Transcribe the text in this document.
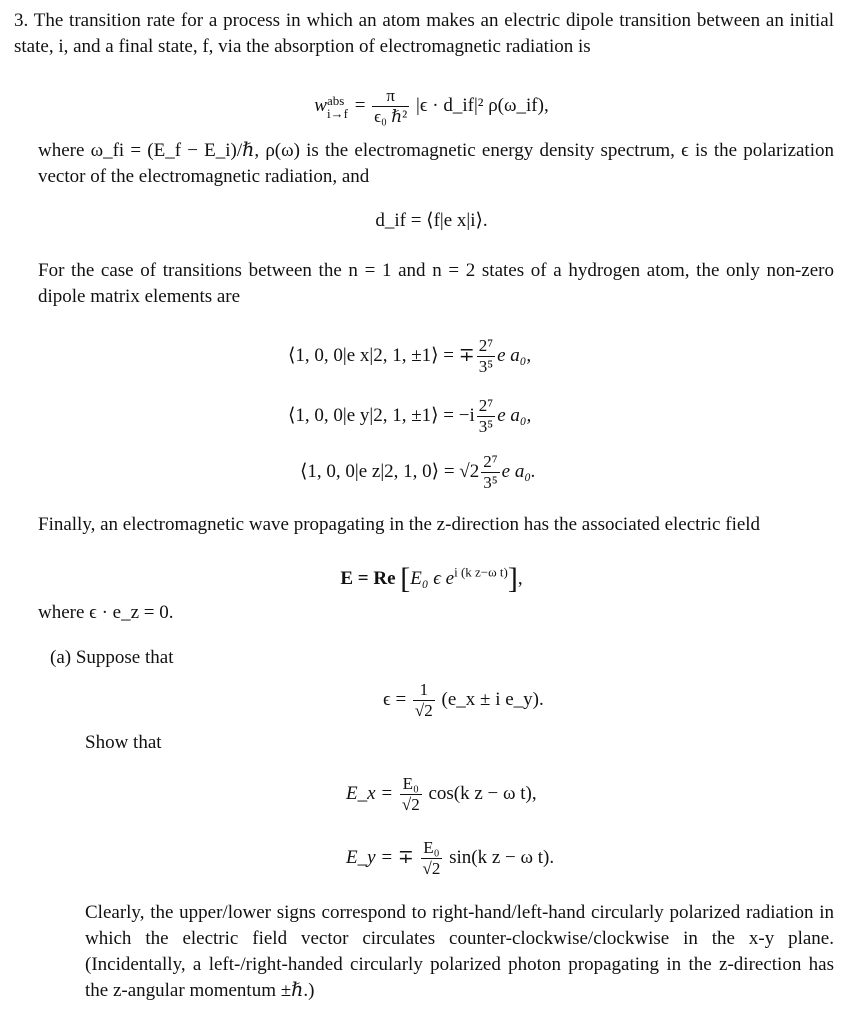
3. The transition rate for a process in which an atom makes an electric dipole transition between an initial state, i, and a final state, f, via the absorption of electromagnetic radiation is
w abs
$i\to f = \frac{\pi}{\text{ϵ₀ ℏ²}} |\epsilon$ · d_if|² ρ(ω_if),
where ω_fi = (E_f − E_i)/ℏ, ρ(ω) is the electromagnetic energy density spectrum, ϵ is the polarization vector of the electromagnetic radiation, and
d_if = ⟨f|e x|i⟩.
For the case of transitions between the n = 1 and n = 2 states of a hydrogen atom, the only non-zero dipole matrix elements are
⟨1, 0, 0|e x|2, 1, ±1⟩ = ∓ $\frac{\text{2⁷}}{\text{3⁵}}$ e a₀,
⟨1, 0, 0|e y|2, 1, ±1⟩ = $-i \frac{\text{2⁷}}{\text{3⁵}}$ e a₀,
⟨1, 0, 0|e z|2, 1, 0⟩ = $√2 \frac{\text{2⁷}}{\text{3⁵}}$ e a₀.
Finally, an electromagnetic wave propagating in the z-direction has the associated electric field
E = Re [E₀ ϵ $e^{i (k z-\omega t)}$],
where ϵ · e_z = 0.
(a) Suppose that
$\epsilon = \frac{1}{√2}$ (e_x ± i e_y).
Show that
E_x = $\frac{\text{E₀}}{√2} \cos(k$ z − ω t),
E_y = ∓ $\frac{\text{E₀}}{√2} \sin(k$ z − ω t).
Clearly, the upper/lower signs correspond to right-hand/left-hand circularly polarized radiation in which the electric field vector circulates counter-clockwise/clockwise in the x-y plane. (Incidentally, a left-/right-handed circularly polarized photon propagating in the z-direction has the z-angular momentum ±ℏ.)
